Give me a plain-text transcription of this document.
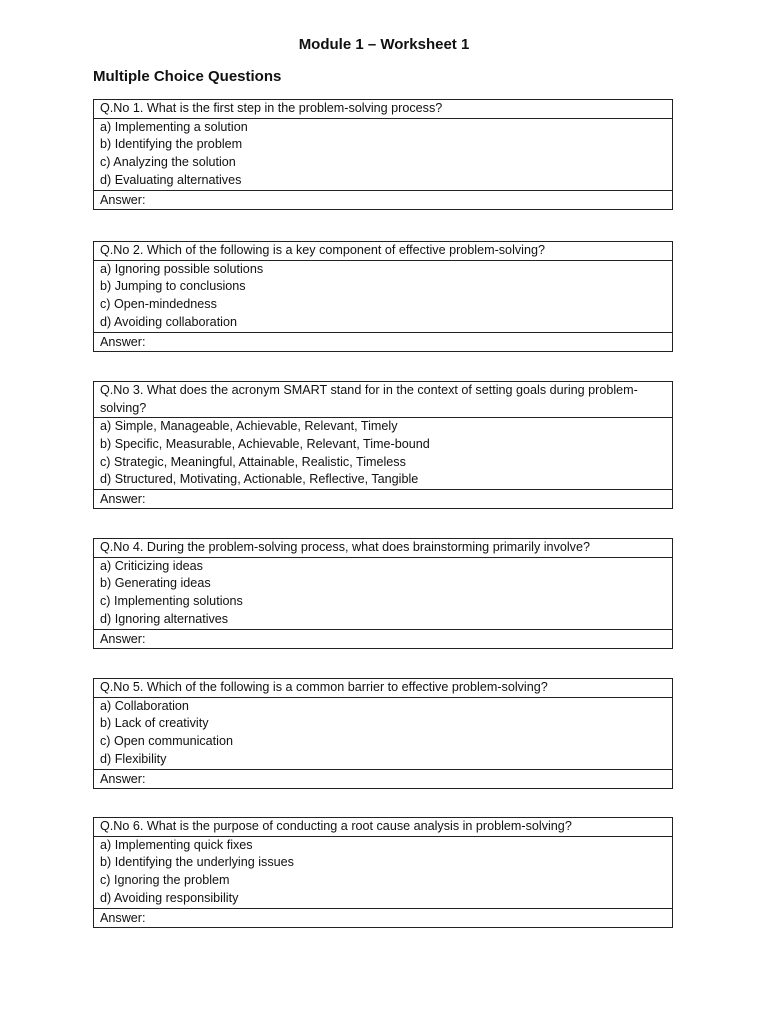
Module 1 – Worksheet 1
Multiple Choice Questions
Q.No 1. What is the first step in the problem-solving process?
a) Implementing a solution
b) Identifying the problem
c) Analyzing the solution
d) Evaluating alternatives
Answer:
Q.No 2. Which of the following is a key component of effective problem-solving?
a) Ignoring possible solutions
b) Jumping to conclusions
c) Open-mindedness
d) Avoiding collaboration
Answer:
Q.No 3. What does the acronym SMART stand for in the context of setting goals during problem-solving?
a) Simple, Manageable, Achievable, Relevant, Timely
b) Specific, Measurable, Achievable, Relevant, Time-bound
c) Strategic, Meaningful, Attainable, Realistic, Timeless
d) Structured, Motivating, Actionable, Reflective, Tangible
Answer:
Q.No 4. During the problem-solving process, what does brainstorming primarily involve?
a) Criticizing ideas
b) Generating ideas
c) Implementing solutions
d) Ignoring alternatives
Answer:
Q.No 5. Which of the following is a common barrier to effective problem-solving?
a) Collaboration
b) Lack of creativity
c) Open communication
d) Flexibility
Answer:
Q.No 6. What is the purpose of conducting a root cause analysis in problem-solving?
a) Implementing quick fixes
b) Identifying the underlying issues
c) Ignoring the problem
d) Avoiding responsibility
Answer:
